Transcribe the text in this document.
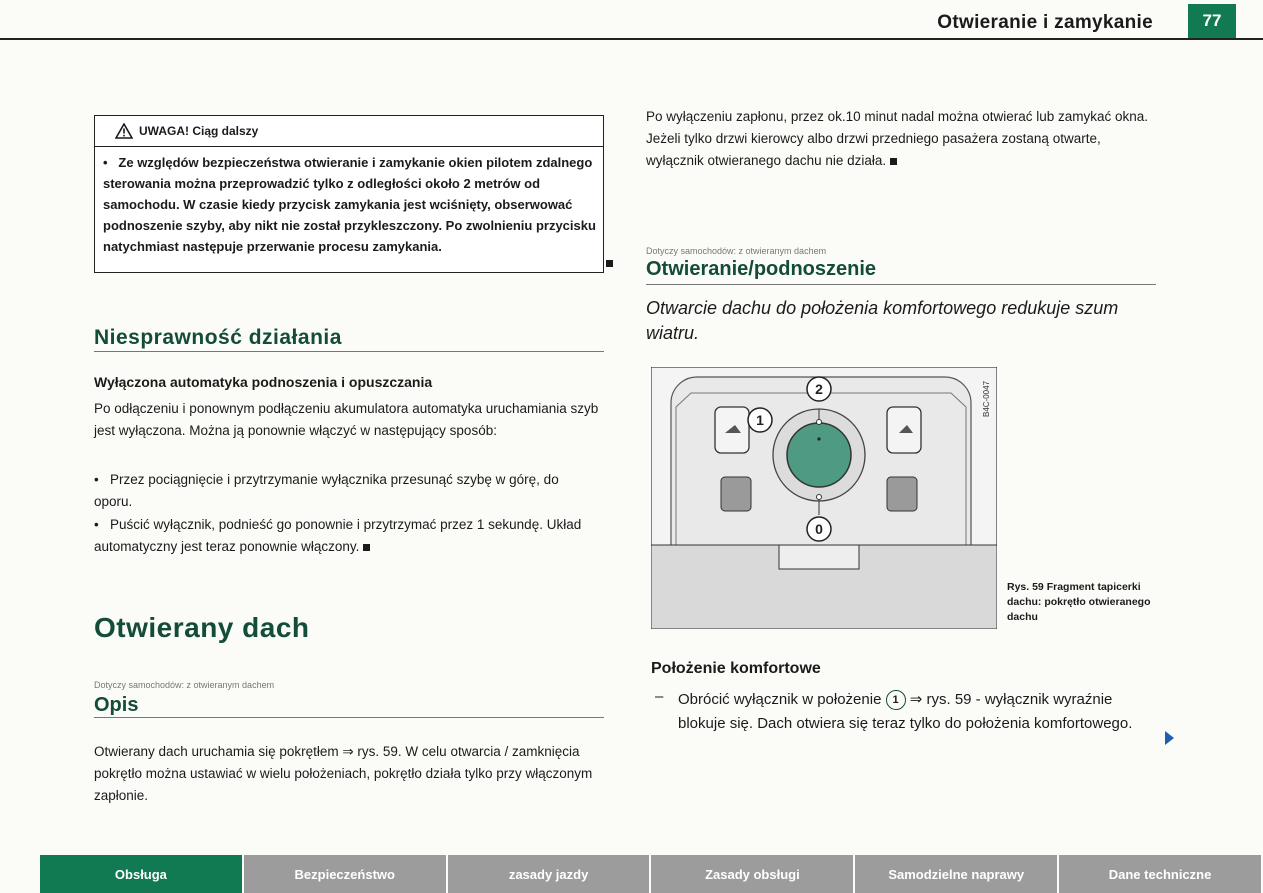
Otwieranie i zamykanie	77
UWAGA! Ciąg dalszy
• Ze względów bezpieczeństwa otwieranie i zamykanie okien pilotem zdalnego sterowania można przeprowadzić tylko z odległości około 2 metrów od samochodu. W czasie kiedy przycisk zamykania jest wciśnięty, obserwować podnoszenie szyby, aby nikt nie został przykleszczony. Po zwolnieniu przycisku natychmiast następuje przerwanie procesu zamykania.
Niesprawność działania
Wyłączona automatyka podnoszenia i opuszczania
Po odłączeniu i ponownym podłączeniu akumulatora automatyka uruchamiania szyb jest wyłączona. Można ją ponownie włączyć w następujący sposób:
• Przez pociągnięcie i przytrzymanie wyłącznika przesunąć szybę w górę, do oporu.
• Puścić wyłącznik, podnieść go ponownie i przytrzymać przez 1 sekundę. Układ automatyczny jest teraz ponownie włączony.
Otwierany dach
Dotyczy samochodów: z otwieranym dachem
Opis
Otwierany dach uruchamia się pokrętłem ⇒ rys. 59. W celu otwarcia / zamknięcia pokrętło można ustawiać w wielu położeniach, pokrętło działa tylko przy włączonym zapłonie.
Po wyłączeniu zapłonu, przez ok.10 minut nadal można otwierać lub zamykać okna. Jeżeli tylko drzwi kierowcy albo drzwi przedniego pasażera zostaną otwarte, wyłącznik otwieranego dachu nie działa.
Dotyczy samochodów: z otwieranym dachem
Otwieranie/podnoszenie
Otwarcie dachu do położenia komfortowego redukuje szum wiatru.
1
2
0
B4C-0047
Rys. 59 Fragment tapicerki dachu: pokrętło otwieranego dachu
Położenie komfortowe
– Obrócić wyłącznik w położenie 1 ⇒ rys. 59 - wyłącznik wyraźnie blokuje się. Dach otwiera się teraz tylko do położenia komfortowego.
Obsługa	Bezpieczeństwo	zasady jazdy	Zasady obsługi	Samodzielne naprawy	Dane techniczne
